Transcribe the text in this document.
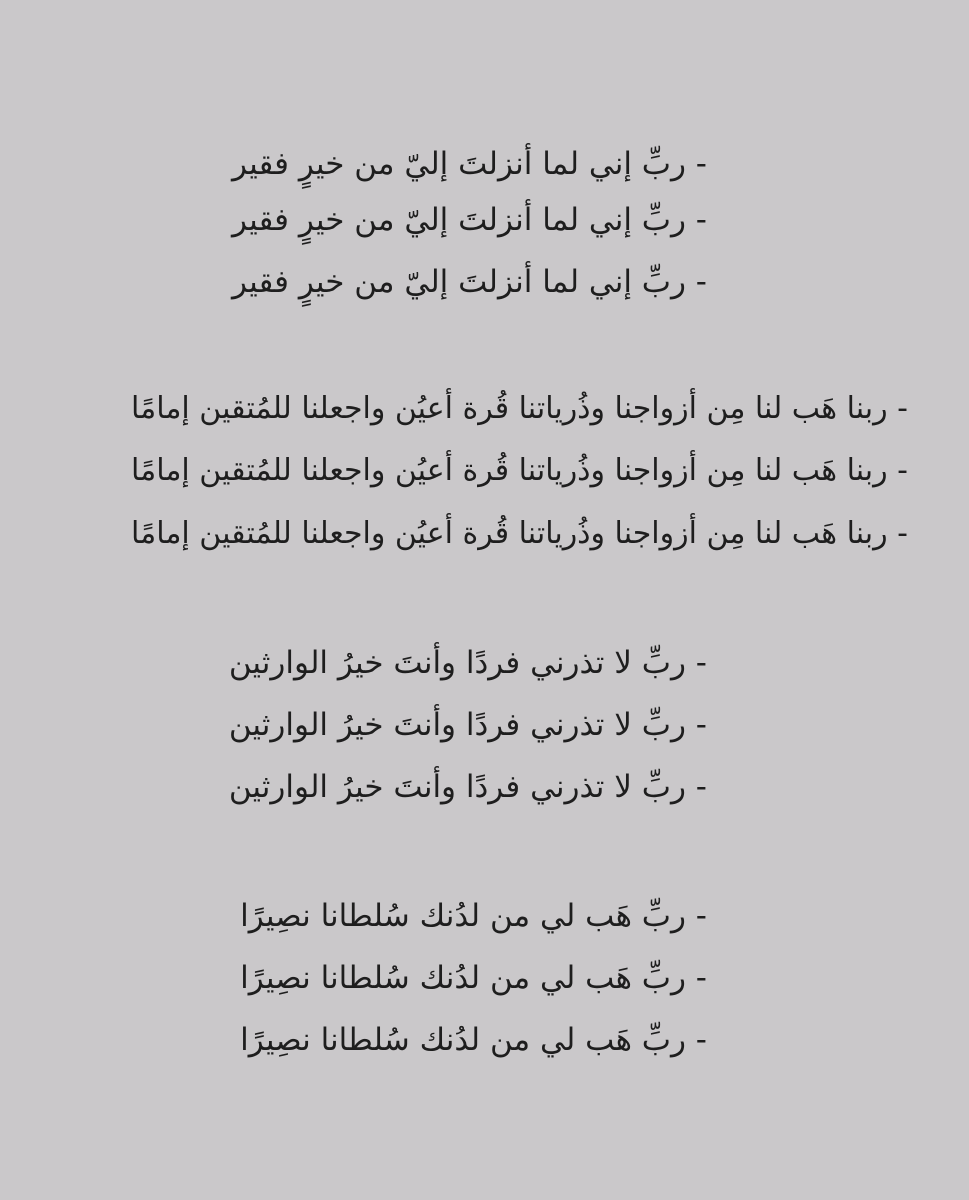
- ربِّ إني لما أنزلتَ إليّ من خيرٍ فقير
- ربِّ إني لما أنزلتَ إليّ من خيرٍ فقير
- ربِّ إني لما أنزلتَ إليّ من خيرٍ فقير
- ربنا هَب لنا مِن أزواجنا وذُرياتنا قُرة أعيُن واجعلنا للمُتقين إمامًا
- ربنا هَب لنا مِن أزواجنا وذُرياتنا قُرة أعيُن واجعلنا للمُتقين إمامًا
- ربنا هَب لنا مِن أزواجنا وذُرياتنا قُرة أعيُن واجعلنا للمُتقين إمامًا
- ربِّ لا تذرني فردًا وأنتَ خيرُ الوارثين
- ربِّ لا تذرني فردًا وأنتَ خيرُ الوارثين
- ربِّ لا تذرني فردًا وأنتَ خيرُ الوارثين
- ربِّ هَب لي من لدُنك سُلطانا نصِيرًا
- ربِّ هَب لي من لدُنك سُلطانا نصِيرًا
- ربِّ هَب لي من لدُنك سُلطانا نصِيرًا
